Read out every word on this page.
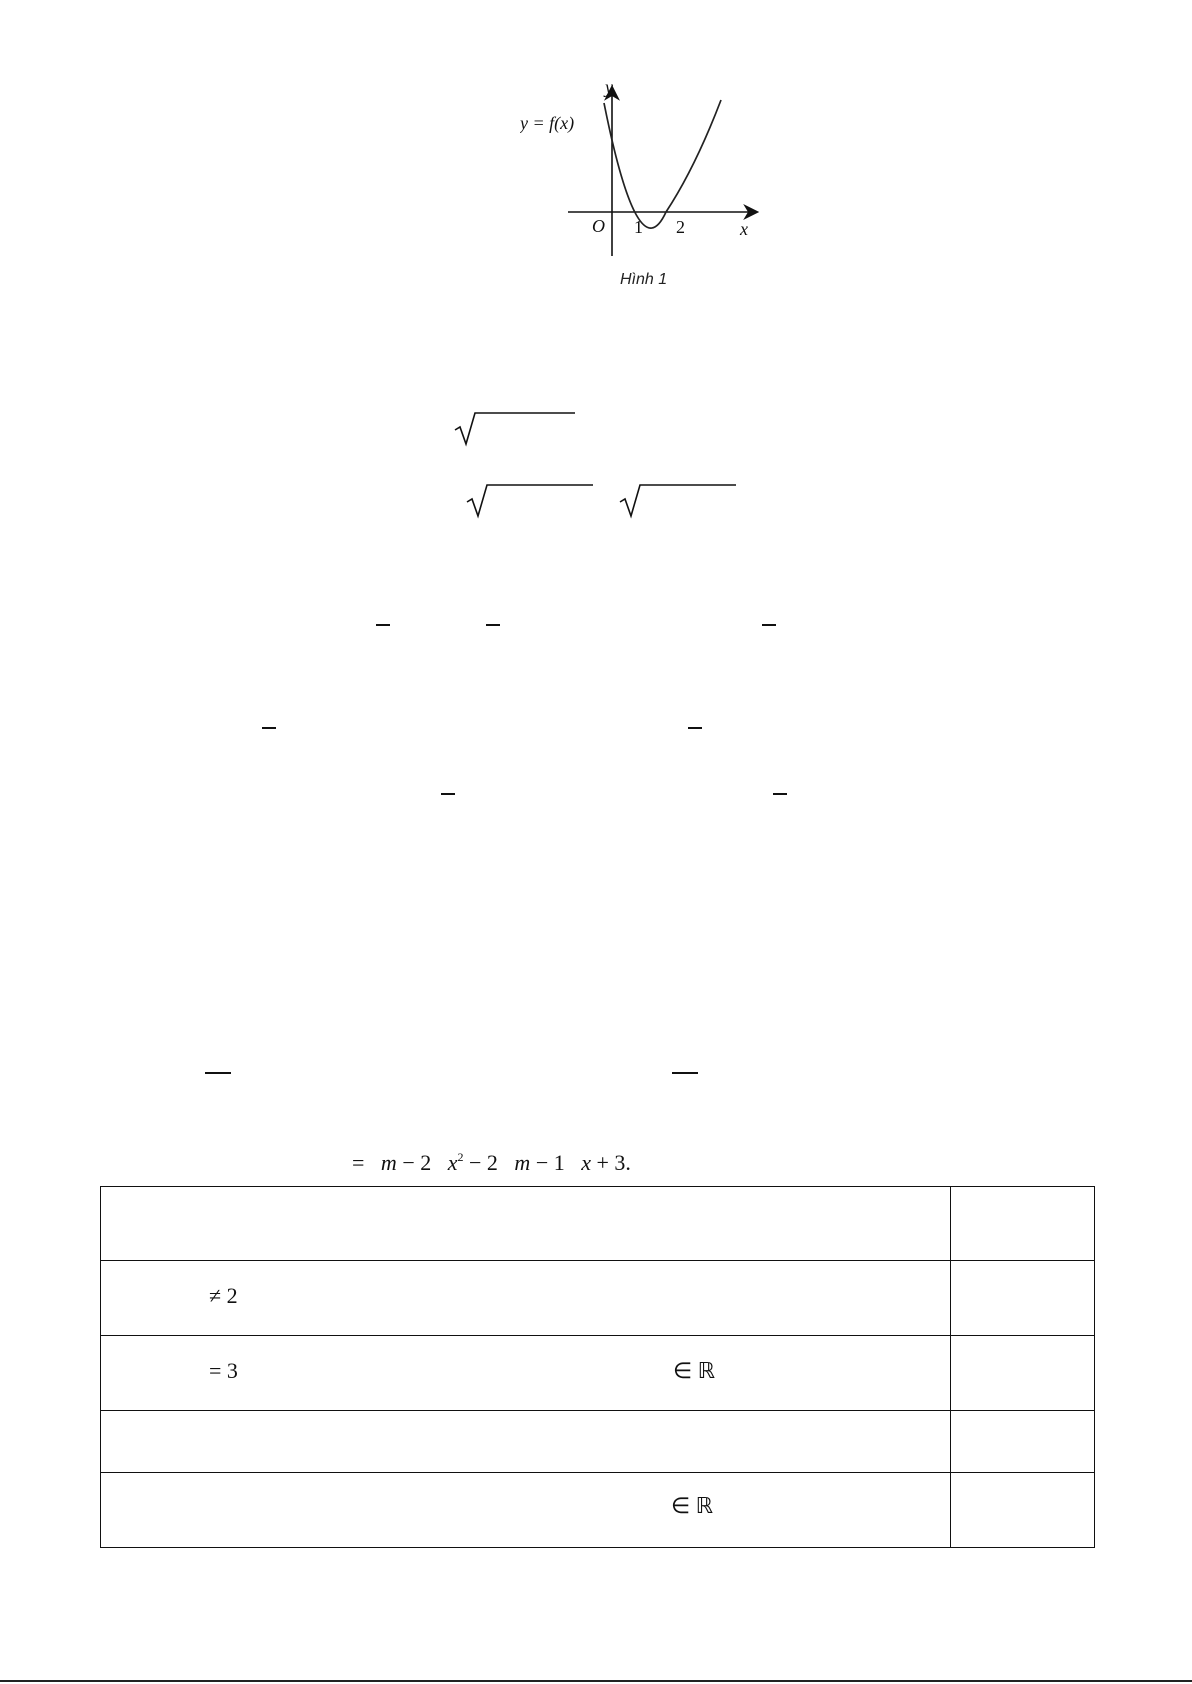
y
y = f(x)
O 1 2	x
Hình 1
= m − 2 $x^2 - 2$ m − 1 x + 3.

≠ 2	

= 3 ∈ ℝ	

∈ ℝ	
